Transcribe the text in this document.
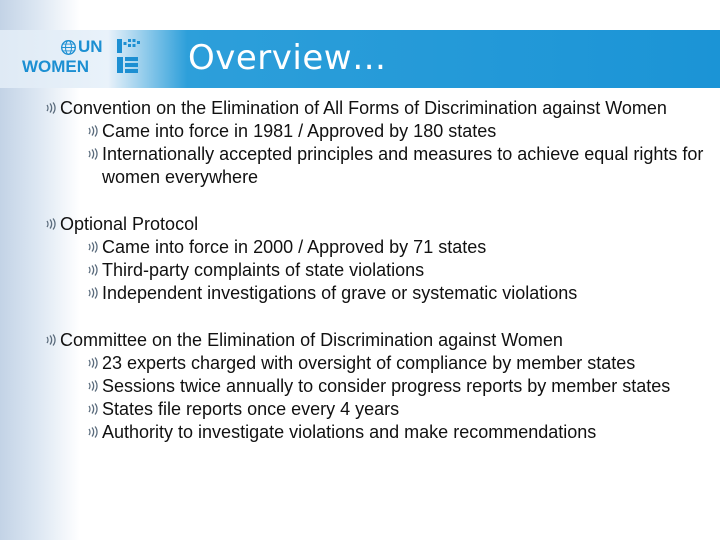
UN
WOMEN	Overview…
Convention on the Elimination of All Forms of Discrimination against Women
Came into force in 1981 / Approved by 180 states
Internationally accepted principles and measures to achieve equal rights for women everywhere
Optional Protocol
Came into force in 2000 / Approved by 71 states
Third-party complaints of state violations
Independent investigations of grave or systematic violations
Committee on the Elimination of Discrimination against Women
23 experts charged with oversight of compliance by member states
Sessions twice annually to consider progress reports by member states
States file reports once every 4 years
Authority to investigate violations and make recommendations
